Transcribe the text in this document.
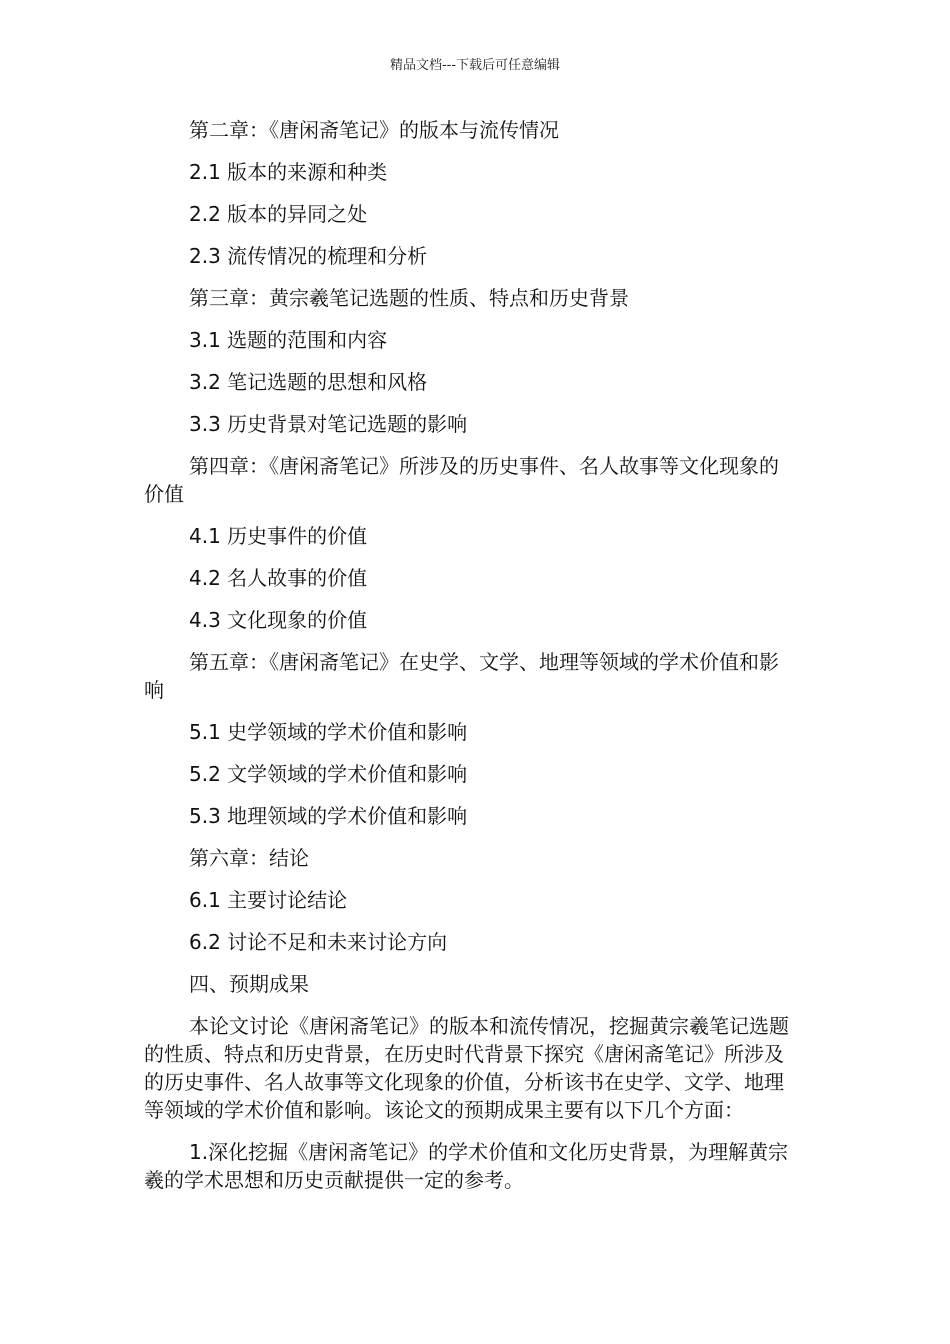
精品文档---下载后可任意编辑

第二章：《唐闲斋笔记》的版本与流传情况

2.1 版本的来源和种类

2.2 版本的异同之处

2.3 流传情况的梳理和分析

第三章：黄宗羲笔记选题的性质、特点和历史背景

3.1 选题的范围和内容

3.2 笔记选题的思想和风格

3.3 历史背景对笔记选题的影响

第四章：《唐闲斋笔记》所涉及的历史事件、名人故事等文化现象的价值

4.1 历史事件的价值

4.2 名人故事的价值

4.3 文化现象的价值

第五章：《唐闲斋笔记》在史学、文学、地理等领域的学术价值和影响

5.1 史学领域的学术价值和影响

5.2 文学领域的学术价值和影响

5.3 地理领域的学术价值和影响

第六章：结论

6.1 主要讨论结论

6.2 讨论不足和未来讨论方向

四、预期成果

本论文讨论《唐闲斋笔记》的版本和流传情况，挖掘黄宗羲笔记选题的性质、特点和历史背景，在历史时代背景下探究《唐闲斋笔记》所涉及的历史事件、名人故事等文化现象的价值，分析该书在史学、文学、地理等领域的学术价值和影响。该论文的预期成果主要有以下几个方面：

1.深化挖掘《唐闲斋笔记》的学术价值和文化历史背景，为理解黄宗羲的学术思想和历史贡献提供一定的参考。
